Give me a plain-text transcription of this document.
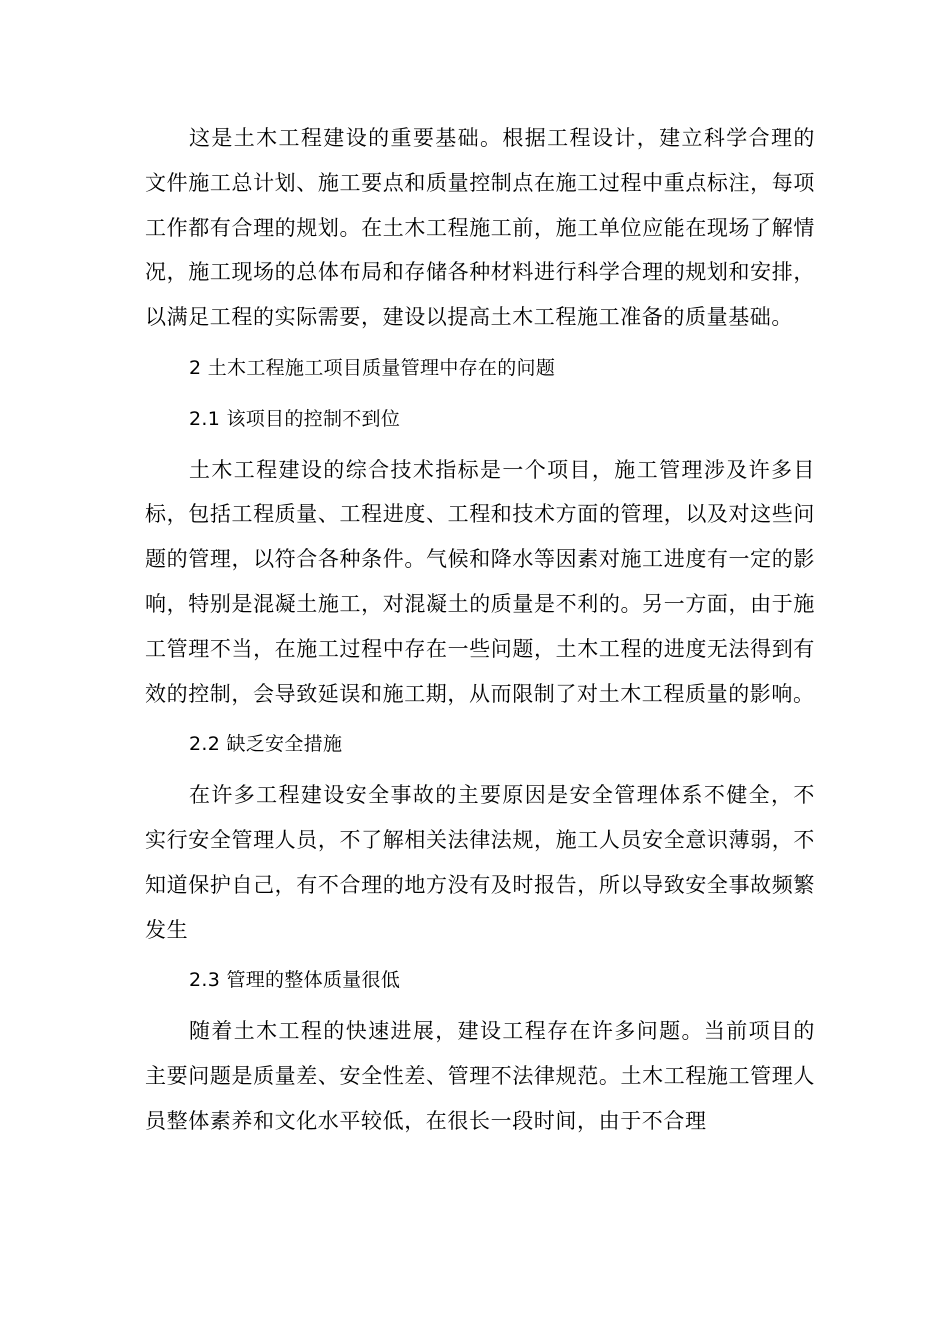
这是土木工程建设的重要基础。根据工程设计，建立科学合理的文件施工总计划、施工要点和质量控制点在施工过程中重点标注，每项工作都有合理的规划。在土木工程施工前，施工单位应能在现场了解情况，施工现场的总体布局和存储各种材料进行科学合理的规划和安排，以满足工程的实际需要，建设以提高土木工程施工准备的质量基础。

2 土木工程施工项目质量管理中存在的问题

2.1 该项目的控制不到位

土木工程建设的综合技术指标是一个项目，施工管理涉及许多目标，包括工程质量、工程进度、工程和技术方面的管理，以及对这些问题的管理，以符合各种条件。气候和降水等因素对施工进度有一定的影响，特别是混凝土施工，对混凝土的质量是不利的。另一方面，由于施工管理不当，在施工过程中存在一些问题，土木工程的进度无法得到有效的控制，会导致延误和施工期，从而限制了对土木工程质量的影响。

2.2 缺乏安全措施

在许多工程建设安全事故的主要原因是安全管理体系不健全，不实行安全管理人员，不了解相关法律法规，施工人员安全意识薄弱，不知道保护自己，有不合理的地方没有及时报告，所以导致安全事故频繁发生

2.3 管理的整体质量很低

随着土木工程的快速进展，建设工程存在许多问题。当前项目的主要问题是质量差、安全性差、管理不法律规范。土木工程施工管理人员整体素养和文化水平较低，在很长一段时间，由于不合理
